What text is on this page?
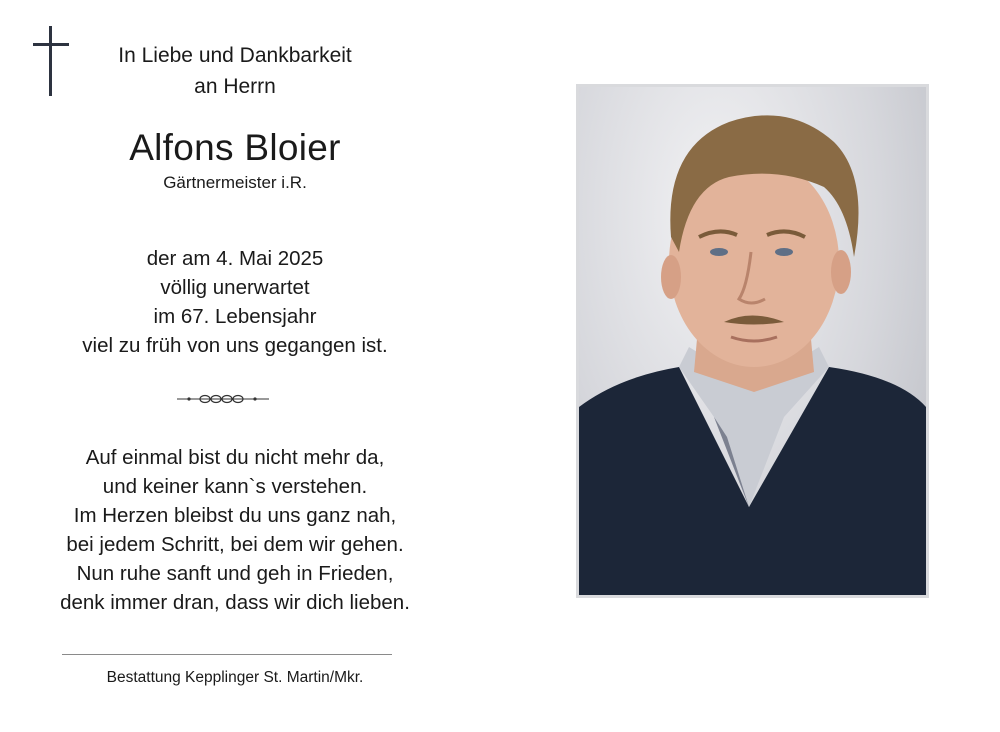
In Liebe und Dankbarkeit
an Herrn
Alfons Bloier
Gärtnermeister i.R.
der am 4. Mai 2025
völlig unerwartet
im 67. Lebensjahr
viel zu früh von uns gegangen ist.
Auf einmal bist du nicht mehr da,
und keiner kann`s verstehen.
Im Herzen bleibst du uns ganz nah,
bei jedem Schritt, bei dem wir gehen.
Nun ruhe sanft und geh in Frieden,
denk immer dran, dass wir dich lieben.
Bestattung Kepplinger St. Martin/Mkr.
